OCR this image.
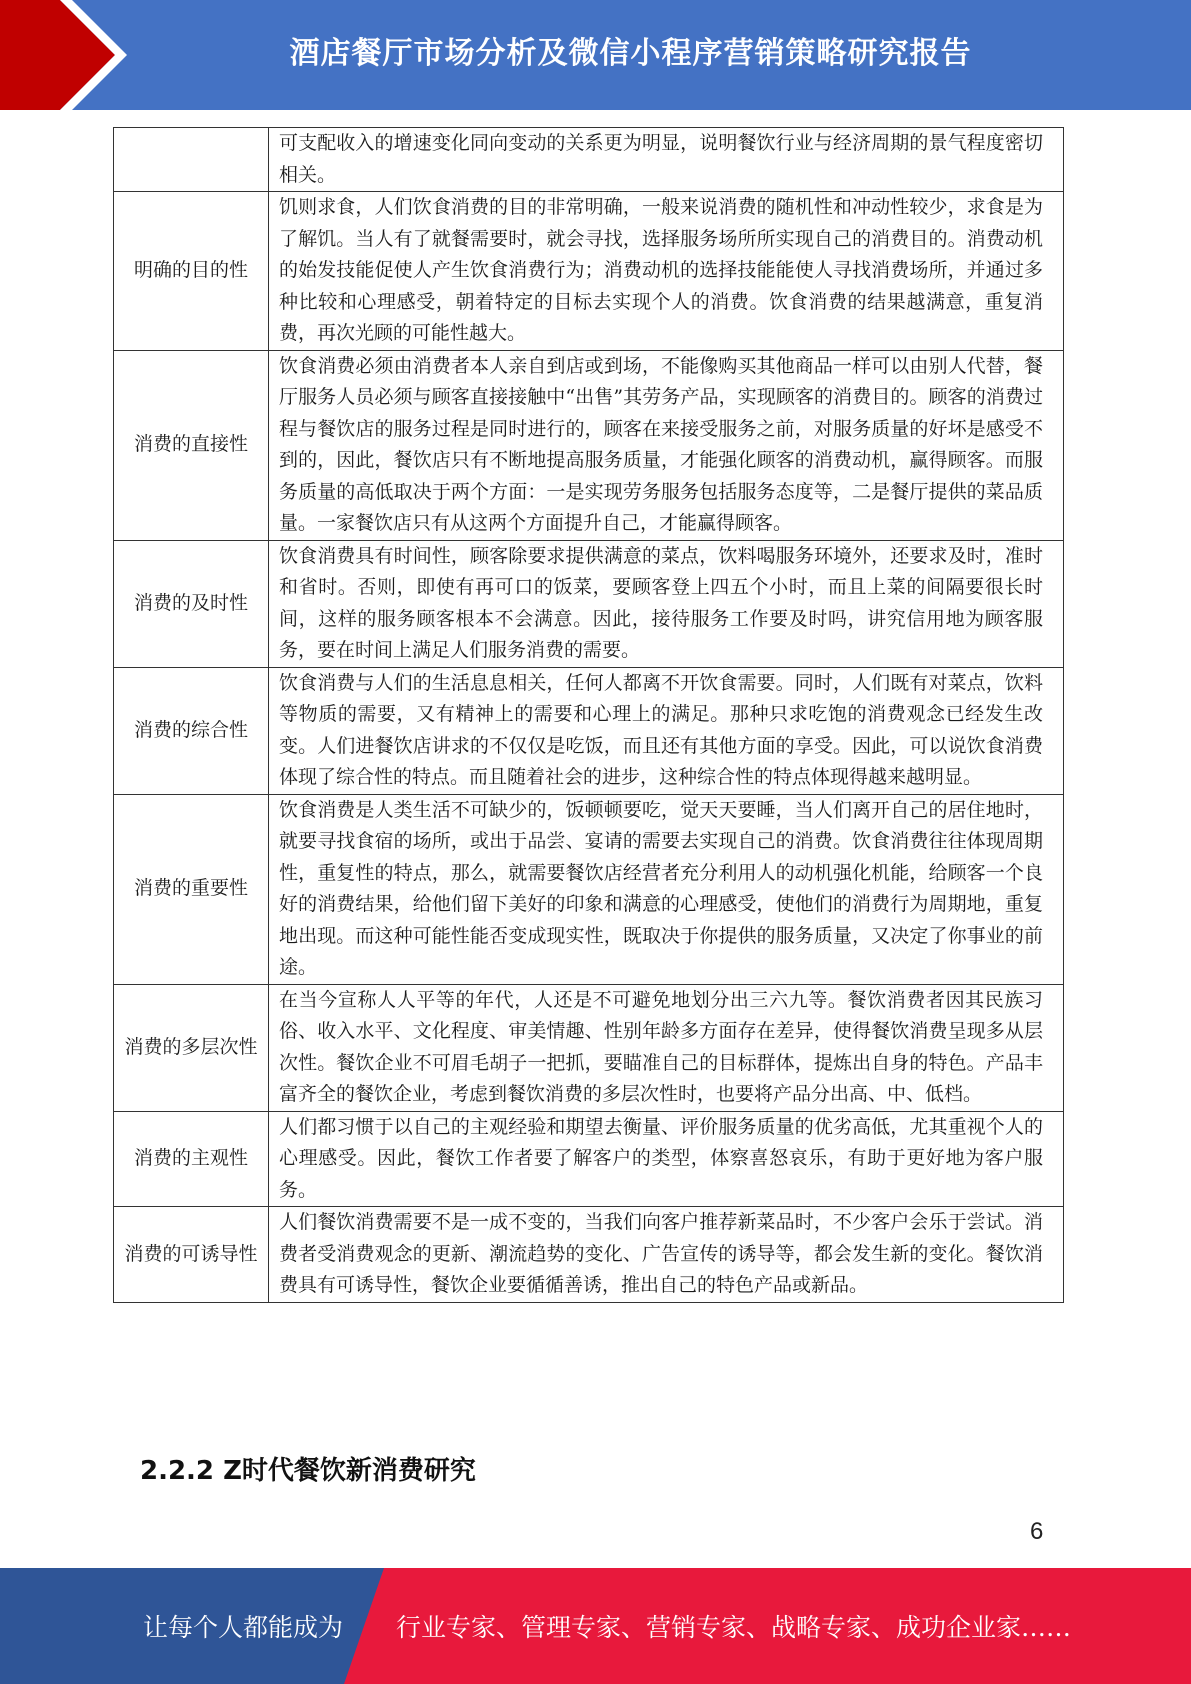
酒店餐厅市场分析及微信小程序营销策略研究报告
	可支配收入的增速变化同向变动的关系更为明显，说明餐饮行业与经济周期的景气程度密切相关。
明确的目的性	饥则求食，人们饮食消费的目的非常明确，一般来说消费的随机性和冲动性较少，求食是为了解饥。当人有了就餐需要时，就会寻找，选择服务场所所实现自己的消费目的。消费动机的始发技能促使人产生饮食消费行为；消费动机的选择技能能使人寻找消费场所，并通过多种比较和心理感受，朝着特定的目标去实现个人的消费。饮食消费的结果越满意，重复消费，再次光顾的可能性越大。
消费的直接性	饮食消费必须由消费者本人亲自到店或到场，不能像购买其他商品一样可以由别人代替，餐厅服务人员必须与顾客直接接触中“出售”其劳务产品，实现顾客的消费目的。顾客的消费过程与餐饮店的服务过程是同时进行的，顾客在来接受服务之前，对服务质量的好坏是感受不到的，因此，餐饮店只有不断地提高服务质量，才能强化顾客的消费动机，赢得顾客。而服务质量的高低取决于两个方面：一是实现劳务服务包括服务态度等，二是餐厅提供的菜品质量。一家餐饮店只有从这两个方面提升自己，才能赢得顾客。
消费的及时性	饮食消费具有时间性，顾客除要求提供满意的菜点，饮料喝服务环境外，还要求及时，准时和省时。否则，即使有再可口的饭菜，要顾客登上四五个小时，而且上菜的间隔要很长时间，这样的服务顾客根本不会满意。因此，接待服务工作要及时吗，讲究信用地为顾客服务，要在时间上满足人们服务消费的需要。
消费的综合性	饮食消费与人们的生活息息相关，任何人都离不开饮食需要。同时，人们既有对菜点，饮料等物质的需要，又有精神上的需要和心理上的满足。那种只求吃饱的消费观念已经发生改变。人们进餐饮店讲求的不仅仅是吃饭，而且还有其他方面的享受。因此，可以说饮食消费体现了综合性的特点。而且随着社会的进步，这种综合性的特点体现得越来越明显。
消费的重要性	饮食消费是人类生活不可缺少的，饭顿顿要吃，觉天天要睡，当人们离开自己的居住地时，就要寻找食宿的场所，或出于品尝、宴请的需要去实现自己的消费。饮食消费往往体现周期性，重复性的特点，那么，就需要餐饮店经营者充分利用人的动机强化机能，给顾客一个良好的消费结果，给他们留下美好的印象和满意的心理感受，使他们的消费行为周期地，重复地出现。而这种可能性能否变成现实性，既取决于你提供的服务质量，又决定了你事业的前途。
消费的多层次性	在当今宣称人人平等的年代，人还是不可避免地划分出三六九等。餐饮消费者因其民族习俗、收入水平、文化程度、审美情趣、性别年龄多方面存在差异，使得餐饮消费呈现多从层次性。餐饮企业不可眉毛胡子一把抓，要瞄准自己的目标群体，提炼出自身的特色。产品丰富齐全的餐饮企业，考虑到餐饮消费的多层次性时，也要将产品分出高、中、低档。
消费的主观性	人们都习惯于以自己的主观经验和期望去衡量、评价服务质量的优劣高低，尤其重视个人的心理感受。因此，餐饮工作者要了解客户的类型，体察喜怒哀乐，有助于更好地为客户服务。
消费的可诱导性	人们餐饮消费需要不是一成不变的，当我们向客户推荐新菜品时，不少客户会乐于尝试。消费者受消费观念的更新、潮流趋势的变化、广告宣传的诱导等，都会发生新的变化。餐饮消费具有可诱导性，餐饮企业要循循善诱，推出自己的特色产品或新品。
2.2.2 Z时代餐饮新消费研究
6
让每个人都能成为 行业专家、管理专家、营销专家、战略专家、成功企业家……
